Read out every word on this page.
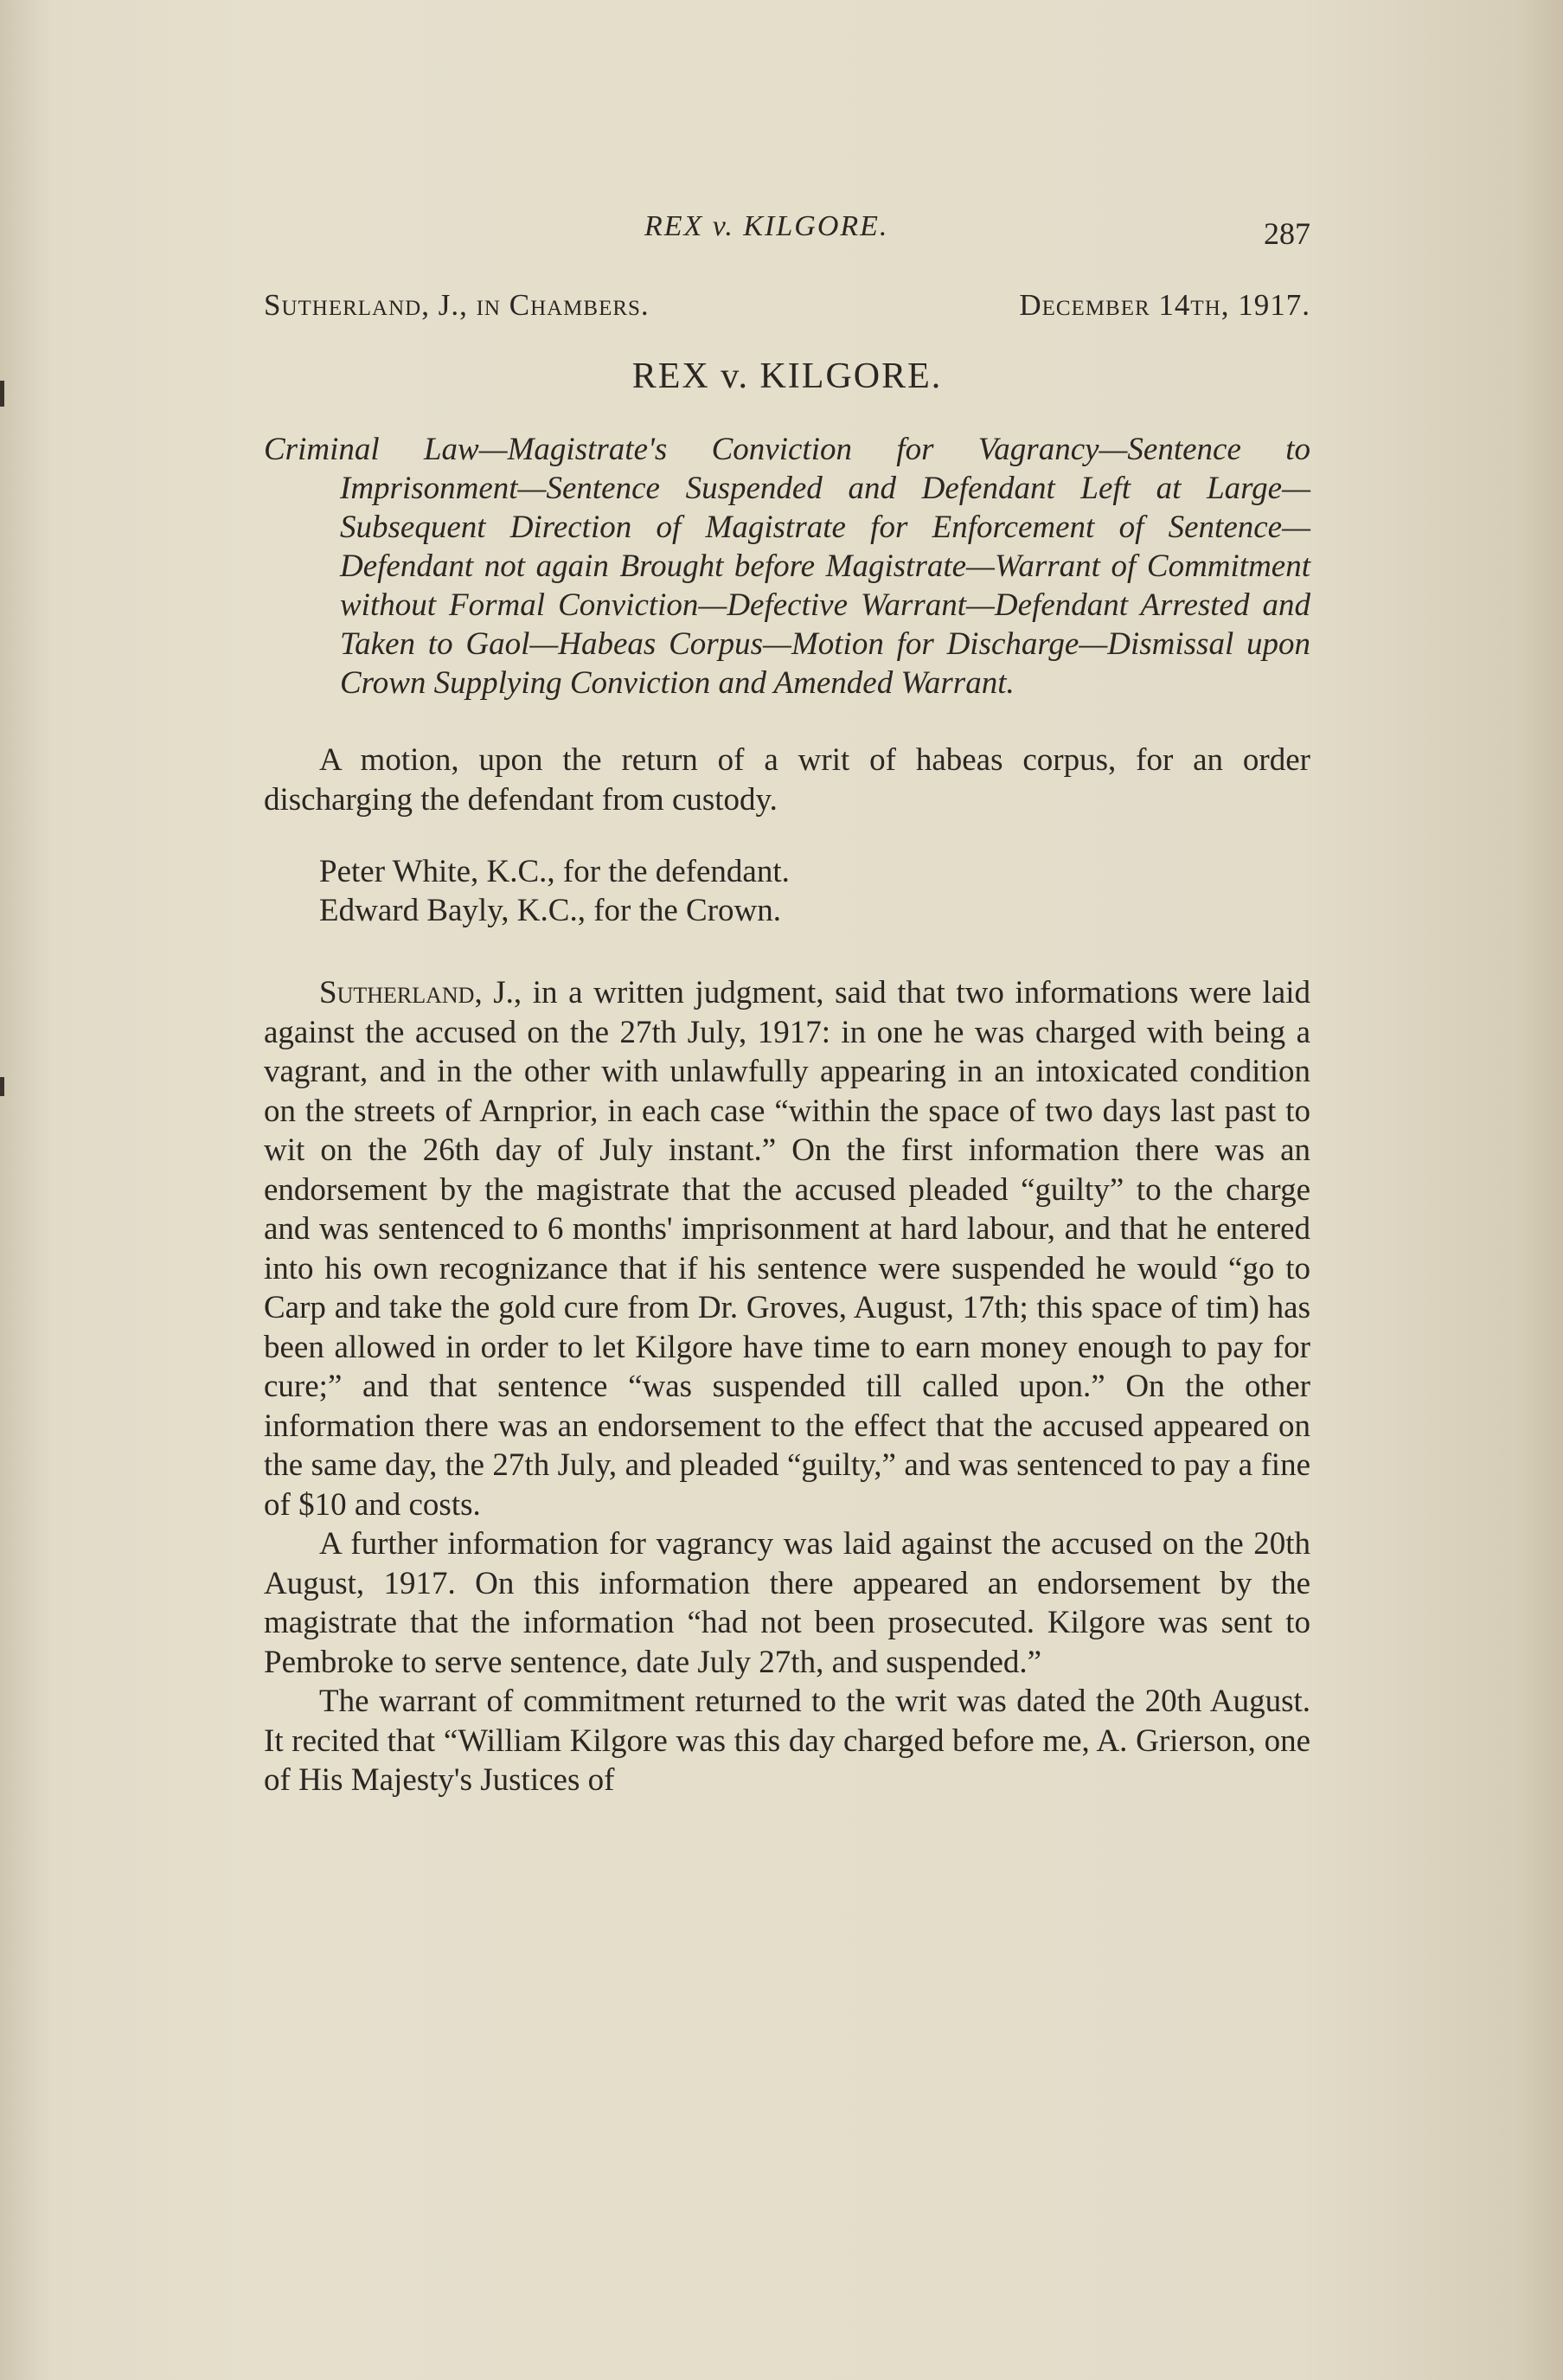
REX v. KILGORE.	287
Sutherland, J., in Chambers.	December 14th, 1917.
REX v. KILGORE.

Criminal Law—Magistrate's Conviction for Vagrancy—Sentence to Imprisonment—Sentence Suspended and Defendant Left at Large—Subsequent Direction of Magistrate for Enforcement of Sentence—Defendant not again Brought before Magistrate—Warrant of Commitment without Formal Conviction—Defective Warrant—Defendant Arrested and Taken to Gaol—Habeas Corpus—Motion for Discharge—Dismissal upon Crown Supplying Conviction and Amended Warrant.

A motion, upon the return of a writ of habeas corpus, for an order discharging the defendant from custody.

Peter White, K.C., for the defendant.
Edward Bayly, K.C., for the Crown.

Sutherland, J., in a written judgment, said that two informations were laid against the accused on the 27th July, 1917: in one he was charged with being a vagrant, and in the other with unlawfully appearing in an intoxicated condition on the streets of Arnprior, in each case “within the space of two days last past to wit on the 26th day of July instant.” On the first information there was an endorsement by the magistrate that the accused pleaded “guilty” to the charge and was sentenced to 6 months' imprisonment at hard labour, and that he entered into his own recognizance that if his sentence were suspended he would “go to Carp and take the gold cure from Dr. Groves, August, 17th; this space of tim) has been allowed in order to let Kilgore have time to earn money enough to pay for cure;” and that sentence “was suspended till called upon.” On the other information there was an endorsement to the effect that the accused appeared on the same day, the 27th July, and pleaded “guilty,” and was sentenced to pay a fine of $10 and costs.

A further information for vagrancy was laid against the accused on the 20th August, 1917. On this information there appeared an endorsement by the magistrate that the information “had not been prosecuted. Kilgore was sent to Pembroke to serve sentence, date July 27th, and suspended.”

The warrant of commitment returned to the writ was dated the 20th August. It recited that “William Kilgore was this day charged before me, A. Grierson, one of His Majesty's Justices of
